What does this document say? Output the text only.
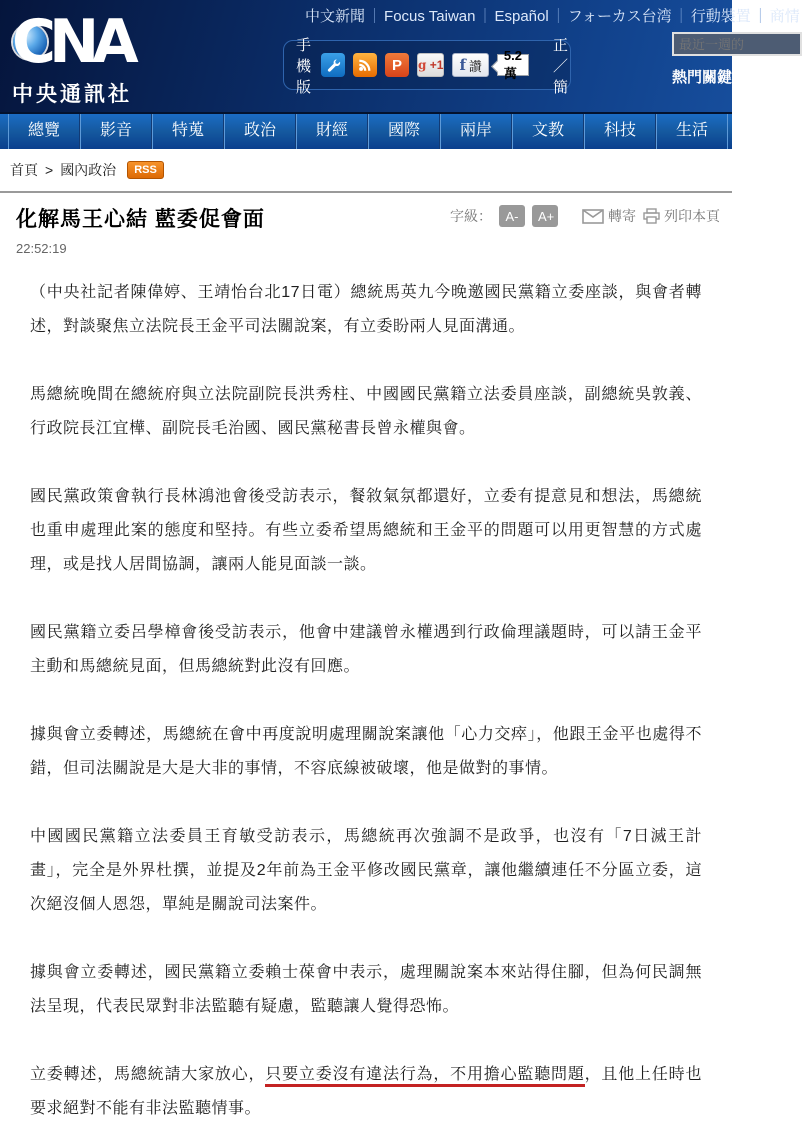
中文新聞 ｜ Focus Taiwan ｜ Español ｜ フォーカス台湾 ｜ 行動裝置 ｜ 商情
CNA
中央通訊社
手機版
P	g
+1 f 讚
5.2 萬
正／簡
最近一週的
熱門關鍵字
總覽	影音	特蒐	政治	財經	國際	兩岸	文教	科技	生活
首頁 > 國內政治	RSS
化解馬王心結 藍委促會面	字級：	A-	A+	轉寄 列印本頁
22:52:19

（中央社記者陳偉婷、王靖怡台北17日電）總統馬英九今晚邀國民黨籍立委座談，與會者轉述，對談聚焦立法院長王金平司法關說案，有立委盼兩人見面溝通。

馬總統晚間在總統府與立法院副院長洪秀柱、中國國民黨籍立法委員座談，副總統吳敦義、行政院長江宜樺、副院長毛治國、國民黨秘書長曾永權與會。

國民黨政策會執行長林鴻池會後受訪表示，餐敘氣氛都還好，立委有提意見和想法，馬總統也重申處理此案的態度和堅持。有些立委希望馬總統和王金平的問題可以用更智慧的方式處理，或是找人居間協調，讓兩人能見面談一談。

國民黨籍立委呂學樟會後受訪表示，他會中建議曾永權遇到行政倫理議題時，可以請王金平主動和馬總統見面，但馬總統對此沒有回應。

據與會立委轉述，馬總統在會中再度說明處理關說案讓他「心力交瘁」，他跟王金平也處得不錯，但司法關說是大是大非的事情，不容底線被破壞，他是做對的事情。

中國國民黨籍立法委員王育敏受訪表示，馬總統再次強調不是政爭，也沒有「7日滅王計畫」，完全是外界杜撰，並提及2年前為王金平修改國民黨章，讓他繼續連任不分區立委，這次絕沒個人恩怨，單純是關說司法案件。

據與會立委轉述，國民黨籍立委賴士葆會中表示，處理關說案本來站得住腳，但為何民調無法呈現，代表民眾對非法監聽有疑慮，監聽讓人覺得恐怖。

立委轉述，馬總統請大家放心，只要立委沒有違法行為，不用擔心監聽問題，且他上任時也要求絕對不能有非法監聽情事。
